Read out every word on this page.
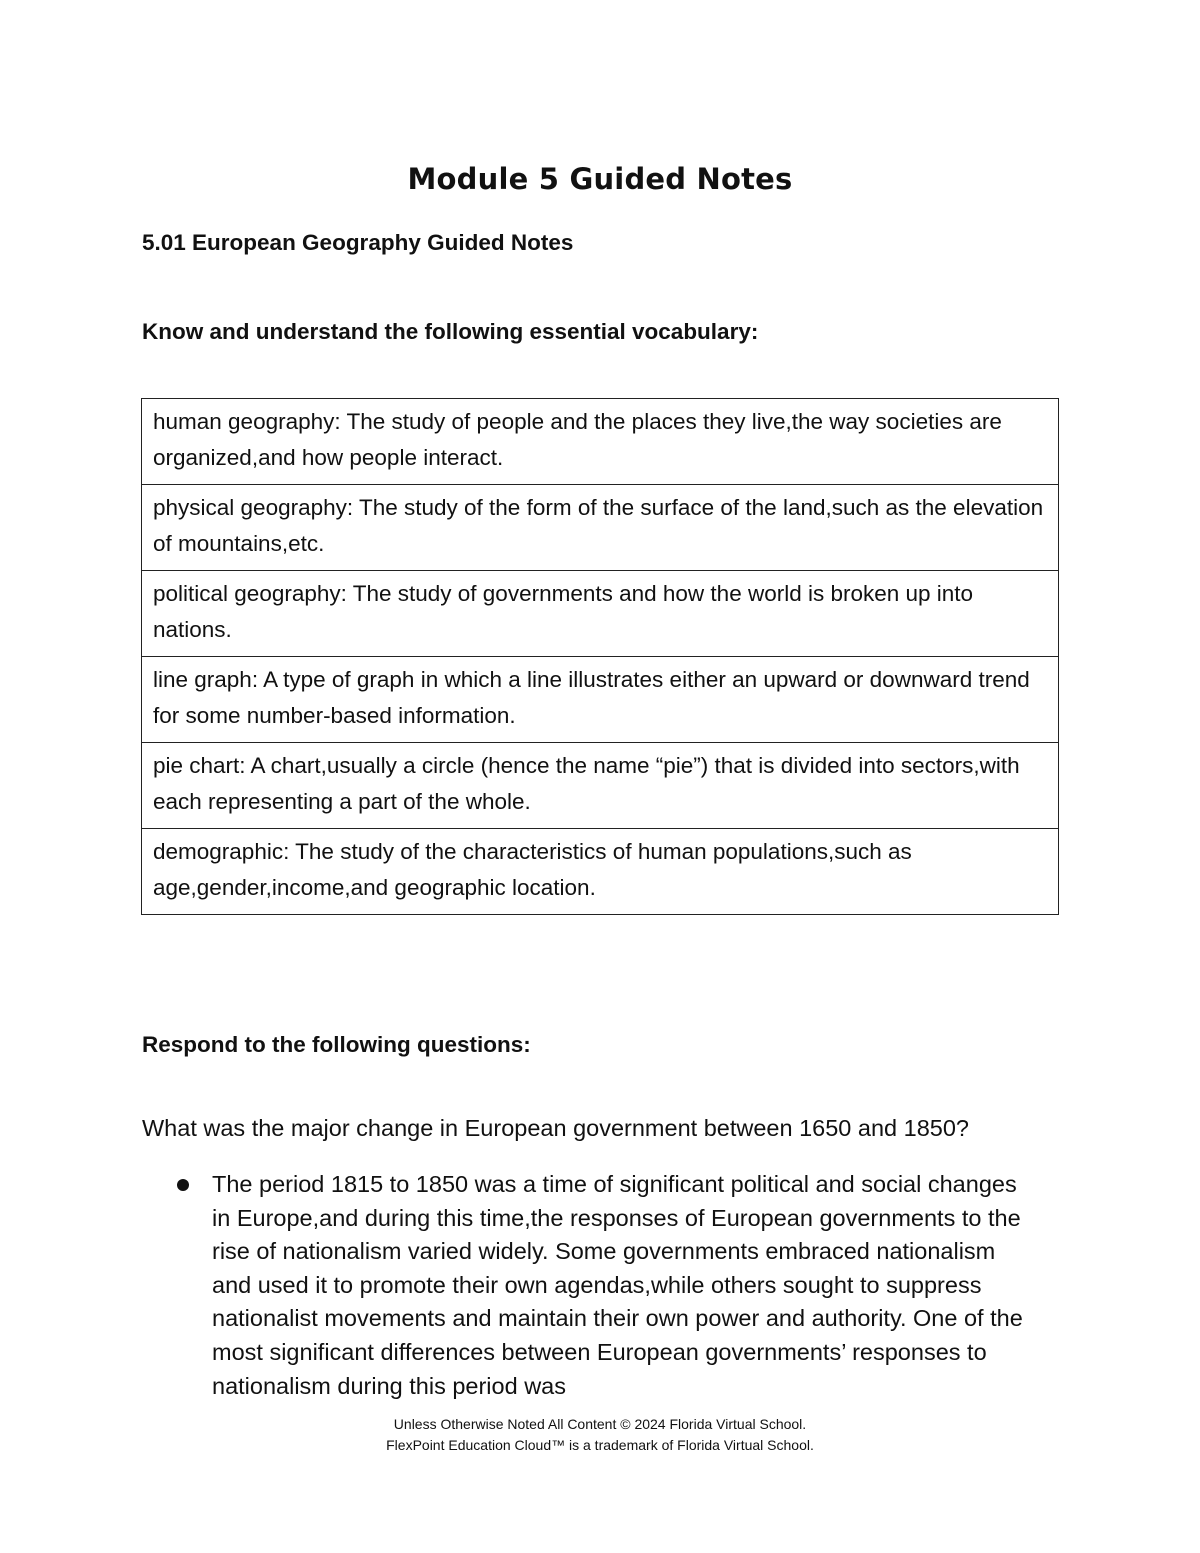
Module 5 Guided Notes
5.01 European Geography Guided Notes
Know and understand the following essential vocabulary:
human geography: The study of people and the places they live,the way societies are organized,and how people interact.
physical geography: The study of the form of the surface of the land,such as the elevation of mountains,etc.
political geography: The study of governments and how the world is broken up into nations.
line graph: A type of graph in which a line illustrates either an upward or downward trend for some number-based information.
pie chart: A chart,usually a circle (hence the name “pie”) that is divided into sectors,with each representing a part of the whole.
demographic: The study of the characteristics of human populations,such as age,gender,income,and geographic location.
Respond to the following questions:
What was the major change in European government between 1650 and 1850?
The period 1815 to 1850 was a time of significant political and social changes in Europe,and during this time,the responses of European governments to the rise of nationalism varied widely. Some governments embraced nationalism and used it to promote their own agendas,while others sought to suppress nationalist movements and maintain their own power and authority. One of the most significant differences between European governments’ responses to nationalism during this period was
Unless Otherwise Noted All Content © 2024 Florida Virtual School.
FlexPoint Education Cloud™ is a trademark of Florida Virtual School.
